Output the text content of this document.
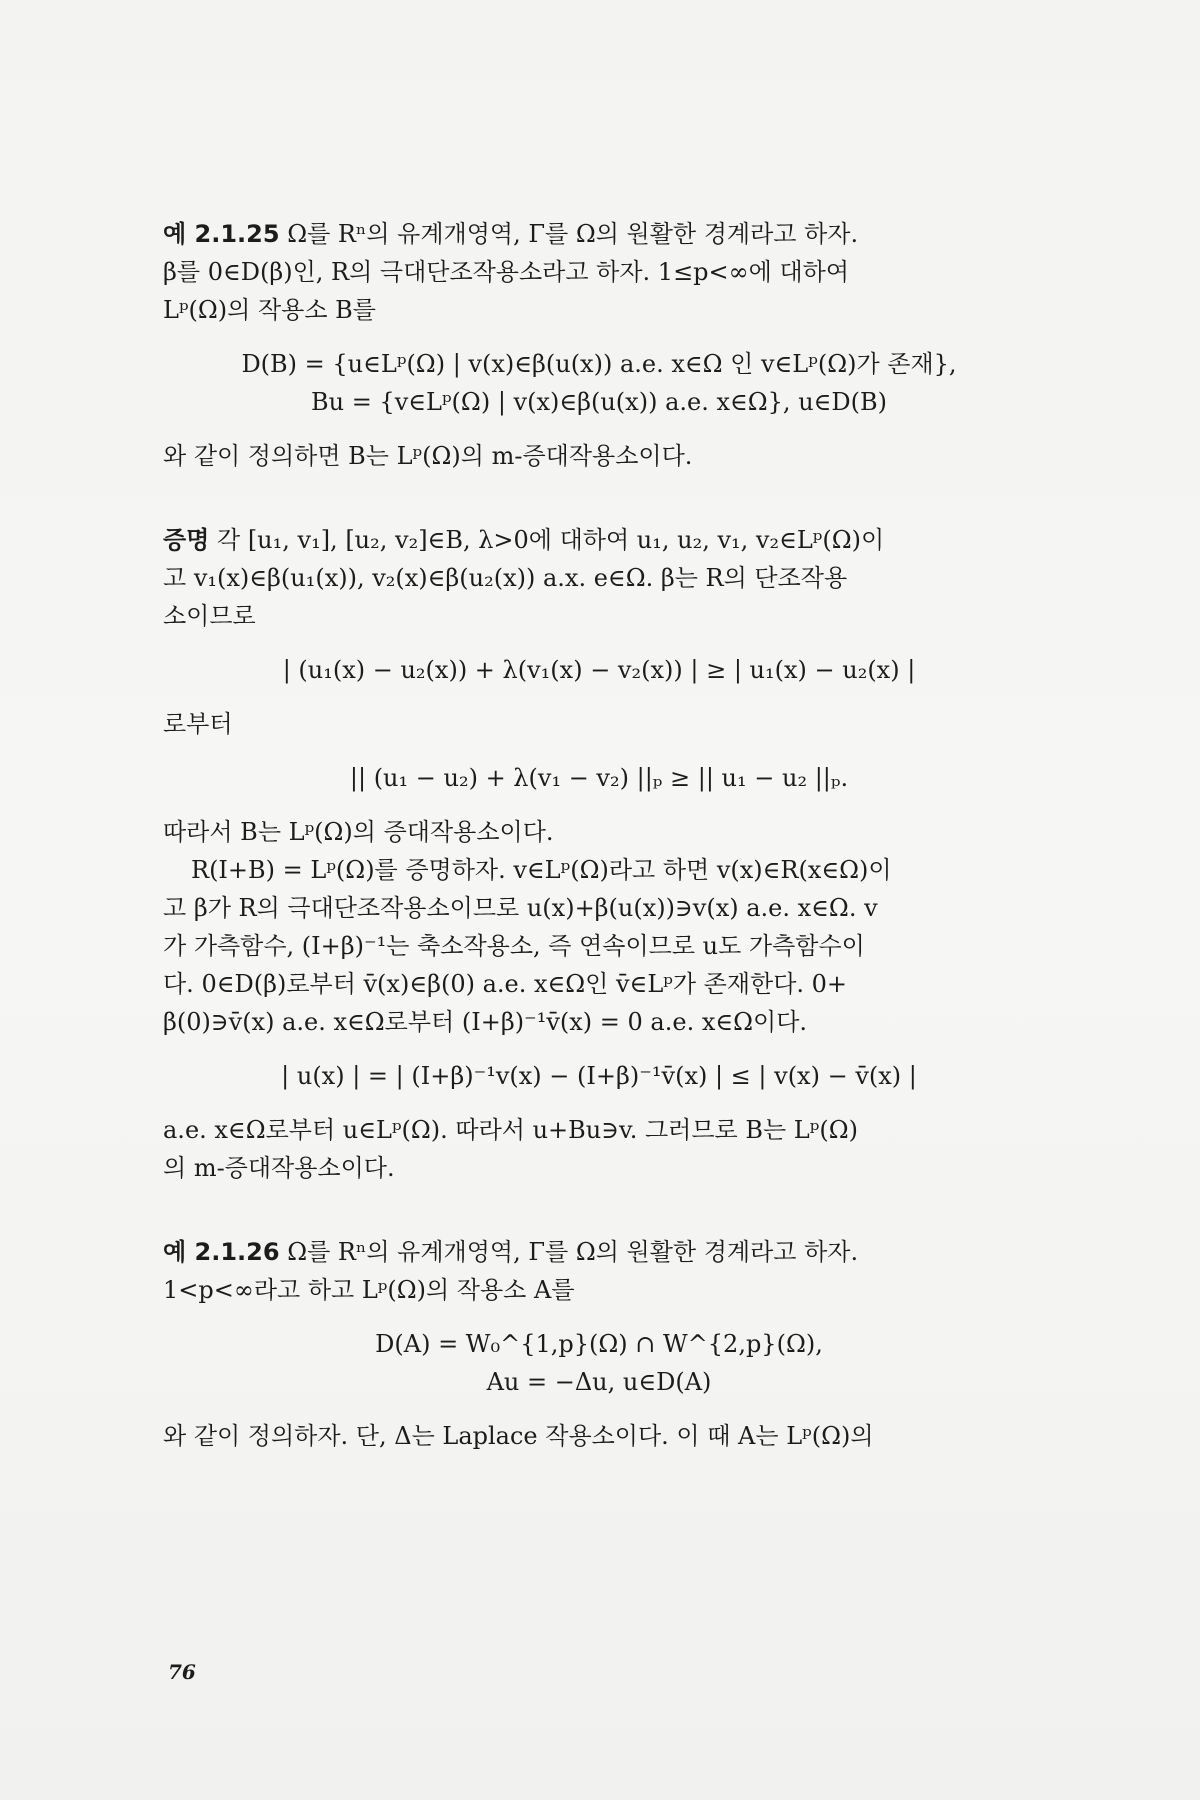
예 2.1.25 Ω를 Rⁿ의 유계개영역, Γ를 Ω의 원활한 경계라고 하자.

β를 0∈D(β)인, R의 극대단조작용소라고 하자. 1≤p<∞에 대하여

Lᵖ(Ω)의 작용소 B를

D(B) = {u∈Lᵖ(Ω) | v(x)∈β(u(x)) a.e. x∈Ω 인 v∈Lᵖ(Ω)가 존재},

Bu = {v∈Lᵖ(Ω) | v(x)∈β(u(x)) a.e. x∈Ω}, u∈D(B)

와 같이 정의하면 B는 Lᵖ(Ω)의 m-증대작용소이다.

증명 각 [u₁, v₁], [u₂, v₂]∈B, λ>0에 대하여 u₁, u₂, v₁, v₂∈Lᵖ(Ω)이

고 v₁(x)∈β(u₁(x)), v₂(x)∈β(u₂(x)) a.x. e∈Ω. β는 R의 단조작용

소이므로

| (u₁(x) − u₂(x)) + λ(v₁(x) − v₂(x)) | ≥ | u₁(x) − u₂(x) |

로부터

|| (u₁ − u₂) + λ(v₁ − v₂) ||ₚ ≥ || u₁ − u₂ ||ₚ.

따라서 B는 Lᵖ(Ω)의 증대작용소이다.

R(I+B) = Lᵖ(Ω)를 증명하자. v∈Lᵖ(Ω)라고 하면 v(x)∈R(x∈Ω)이

고 β가 R의 극대단조작용소이므로 u(x)+β(u(x))∋v(x) a.e. x∈Ω. v

가 가측함수, (I+β)⁻¹는 축소작용소, 즉 연속이므로 u도 가측함수이

다. 0∈D(β)로부터 v̄(x)∈β(0) a.e. x∈Ω인 v̄∈Lᵖ가 존재한다. 0+

β(0)∋v̄(x) a.e. x∈Ω로부터 (I+β)⁻¹v̄(x) = 0 a.e. x∈Ω이다.

| u(x) | = | (I+β)⁻¹v(x) − (I+β)⁻¹v̄(x) | ≤ | v(x) − v̄(x) |

a.e. x∈Ω로부터 u∈Lᵖ(Ω). 따라서 u+Bu∋v. 그러므로 B는 Lᵖ(Ω)

의 m-증대작용소이다.

예 2.1.26 Ω를 Rⁿ의 유계개영역, Γ를 Ω의 원활한 경계라고 하자.

1<p<∞라고 하고 Lᵖ(Ω)의 작용소 A를

D(A) = W₀^{1,p}(Ω) ∩ W^{2,p}(Ω),

Au = −Δu, u∈D(A)

와 같이 정의하자. 단, Δ는 Laplace 작용소이다. 이 때 A는 Lᵖ(Ω)의

76
